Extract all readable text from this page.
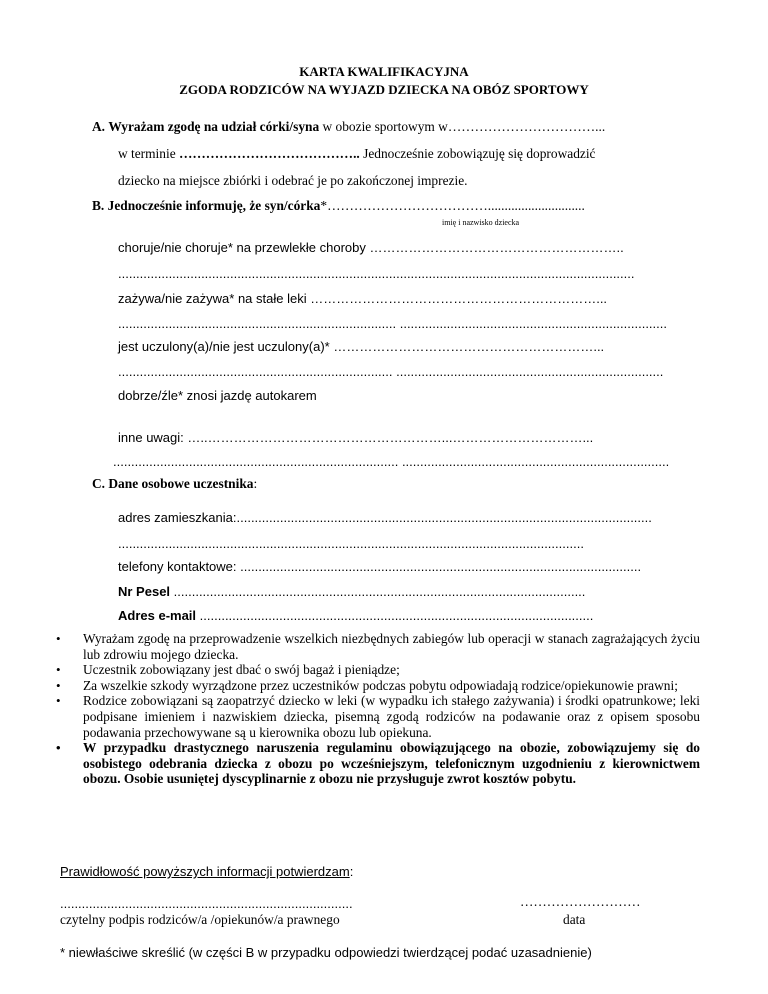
KARTA KWALIFIKACYJNA
ZGODA RODZICÓW NA WYJAZD DZIECKA NA OBÓZ SPORTOWY
A. Wyrażam zgodę na udział córki/syna w obozie sportowym w……………………………...
w terminie ………………………………….. Jednocześnie zobowiązuję się doprowadzić
dziecko na miejsce zbiórki i odebrać je po zakończonej imprezie.
B. Jednocześnie informuję, że syn/córka*……………………………….............................
imię i nazwisko dziecka
choruje/nie choruje* na przewlekłe choroby …………………………………………………..
...............................................................................................................................................
zażywa/nie zażywa* na stałe leki …………………………………………………………...
............................................................................. ..........................................................................
jest uczulony(a)/nie jest uczulony(a)* ……………………………………………………...
............................................................................ ..........................................................................
dobrze/źle* znosi jazdę autokarem
inne uwagi: …..………………………………………………...…………………………...
............................................................................... ..........................................................................
C. Dane osobowe uczestnika:
adres zamieszkania:...................................................................................................................
.................................................................................................................................
telefony kontaktowe: ...............................................................................................................
Nr Pesel ..................................................................................................................
Adres e-mail .............................................................................................................
• Wyrażam zgodę na przeprowadzenie wszelkich niezbędnych zabiegów lub operacji w stanach zagrażających życiu lub zdrowiu mojego dziecka.
• Uczestnik zobowiązany jest dbać o swój bagaż i pieniądze;
• Za wszelkie szkody wyrządzone przez uczestników podczas pobytu odpowiadają rodzice/opiekunowie prawni;
• Rodzice zobowiązani są zaopatrzyć dziecko w leki (w wypadku ich stałego zażywania) i środki opatrunkowe; leki podpisane imieniem i nazwiskiem dziecka, pisemną zgodą rodziców na podawanie oraz z opisem sposobu podawania przechowywane są u kierownika obozu lub opiekuna.
• W przypadku drastycznego naruszenia regulaminu obowiązującego na obozie, zobowiązujemy się do osobistego odebrania dziecka z obozu po wcześniejszym, telefonicznym uzgodnieniu z kierownictwem obozu. Osobie usuniętej dyscyplinarnie z obozu nie przysługuje zwrot kosztów pobytu.
Prawidłowość powyższych informacji potwierdzam:
.................................................................................
czytelny podpis rodziców/a /opiekunów/a prawnego
………………………
data
* niewłaściwe skreślić (w części B w przypadku odpowiedzi twierdzącej podać uzasadnienie)
